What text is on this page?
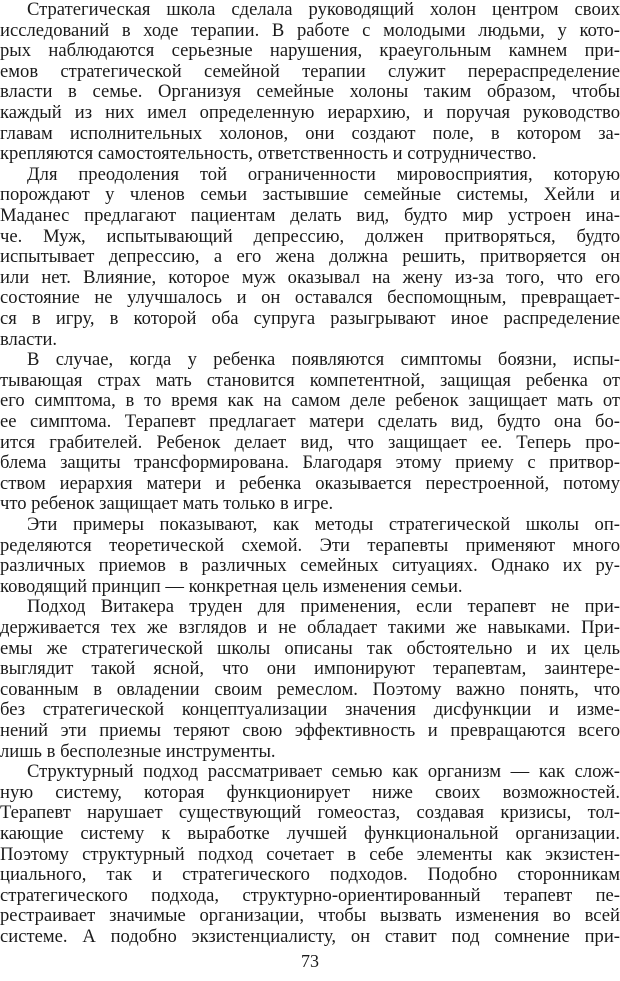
Стратегическая школа сделала руководящий холон центром своих
исследований в ходе терапии. В работе с молодыми людьми, у кото-
рых наблюдаются серьезные нарушения, краеугольным камнем при-
емов стратегической семейной терапии служит перераспределение
власти в семье. Организуя семейные холоны таким образом, чтобы
каждый из них имел определенную иерархию, и поручая руководство
главам исполнительных холонов, они создают поле, в котором за-
крепляются самостоятельность, ответственность и сотрудничество.
Для преодоления той ограниченности мировосприятия, которую
порождают у членов семьи застывшие семейные системы, Хейли и
Маданес предлагают пациентам делать вид, будто мир устроен ина-
че. Муж, испытывающий депрессию, должен притворяться, будто
испытывает депрессию, а его жена должна решить, притворяется он
или нет. Влияние, которое муж оказывал на жену из-за того, что его
состояние не улучшалось и он оставался беспомощным, превращает-
ся в игру, в которой оба супруга разыгрывают иное распределение
власти.
В случае, когда у ребенка появляются симптомы боязни, испы-
тывающая страх мать становится компетентной, защищая ребенка от
его симптома, в то время как на самом деле ребенок защищает мать от
ее симптома. Терапевт предлагает матери сделать вид, будто она бо-
ится грабителей. Ребенок делает вид, что защищает ее. Теперь про-
блема защиты трансформирована. Благодаря этому приему с притвор-
ством иерархия матери и ребенка оказывается перестроенной, потому
что ребенок защищает мать только в игре.
Эти примеры показывают, как методы стратегической школы оп-
ределяются теоретической схемой. Эти терапевты применяют много
различных приемов в различных семейных ситуациях. Однако их ру-
ководящий принцип — конкретная цель изменения семьи.
Подход Витакера труден для применения, если терапевт не при-
держивается тех же взглядов и не обладает такими же навыками. При-
емы же стратегической школы описаны так обстоятельно и их цель
выглядит такой ясной, что они импонируют терапевтам, заинтере-
сованным в овладении своим ремеслом. Поэтому важно понять, что
без стратегической концептуализации значения дисфункции и изме-
нений эти приемы теряют свою эффективность и превращаются всего
лишь в бесполезные инструменты.
Структурный подход рассматривает семью как организм — как слож-
ную систему, которая функционирует ниже своих возможностей.
Терапевт нарушает существующий гомеостаз, создавая кризисы, тол-
кающие систему к выработке лучшей функциональной организации.
Поэтому структурный подход сочетает в себе элементы как экзистен-
циального, так и стратегического подходов. Подобно сторонникам
стратегического подхода, структурно-ориентированный терапевт пе-
рестраивает значимые организации, чтобы вызвать изменения во всей
системе. А подобно экзистенциалисту, он ставит под сомнение при-
73
